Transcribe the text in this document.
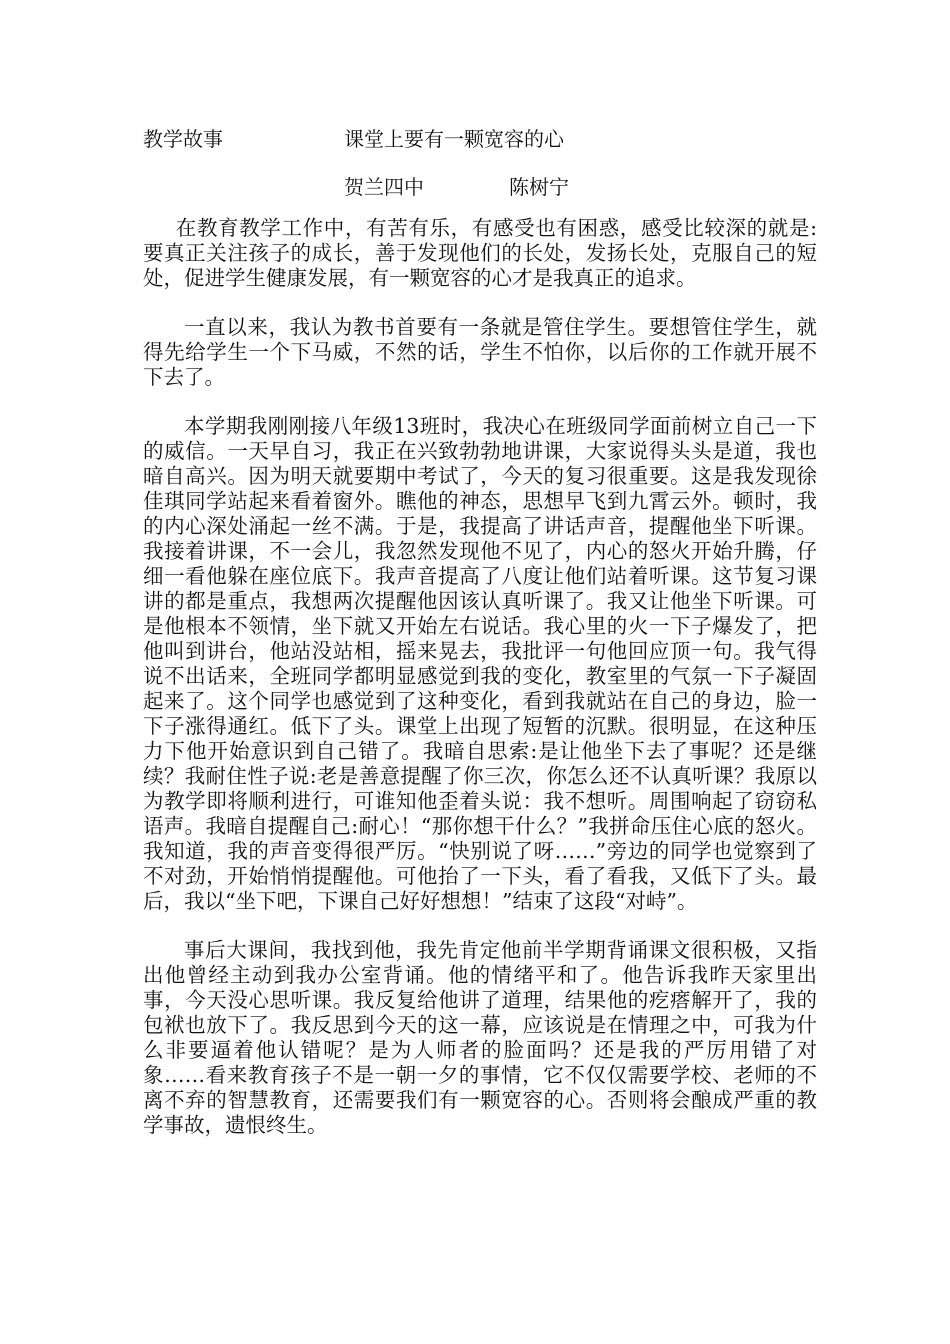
教学故事	课堂上要有一颗宽容的心
贺兰四中	陈树宁

在教育教学工作中，有苦有乐，有感受也有困惑，感受比较深的就是:要真正关注孩子的成长，善于发现他们的长处，发扬长处，克服自己的短处，促进学生健康发展，有一颗宽容的心才是我真正的追求。

一直以来，我认为教书首要有一条就是管住学生。要想管住学生，就得先给学生一个下马威，不然的话，学生不怕你，以后你的工作就开展不下去了。

本学期我刚刚接八年级13班时，我决心在班级同学面前树立自己一下的威信。一天早自习，我正在兴致勃勃地讲课，大家说得头头是道，我也暗自高兴。因为明天就要期中考试了，今天的复习很重要。这是我发现徐佳琪同学站起来看着窗外。瞧他的神态，思想早飞到九霄云外。顿时，我的内心深处涌起一丝不满。于是，我提高了讲话声音，提醒他坐下听课。我接着讲课，不一会儿，我忽然发现他不见了，内心的怒火开始升腾，仔细一看他躲在座位底下。我声音提高了八度让他们站着听课。这节复习课讲的都是重点，我想两次提醒他因该认真听课了。我又让他坐下听课。可是他根本不领情，坐下就又开始左右说话。我心里的火一下子爆发了，把他叫到讲台，他站没站相，摇来晃去，我批评一句他回应顶一句。我气得说不出话来，全班同学都明显感觉到我的变化，教室里的气氛一下子凝固起来了。这个同学也感觉到了这种变化，看到我就站在自己的身边，脸一下子涨得通红。低下了头。课堂上出现了短暂的沉默。很明显，在这种压力下他开始意识到自己错了。我暗自思索:是让他坐下去了事呢？还是继续？我耐住性子说:老是善意提醒了你三次，你怎么还不认真听课？我原以为教学即将顺利进行，可谁知他歪着头说：我不想听。周围响起了窃窃私语声。我暗自提醒自己:耐心！“那你想干什么？”我拼命压住心底的怒火。我知道，我的声音变得很严厉。“快别说了呀……”旁边的同学也觉察到了不对劲，开始悄悄提醒他。可他抬了一下头，看了看我，又低下了头。最后，我以“坐下吧，下课自己好好想想！”结束了这段“对峙”。

事后大课间，我找到他，我先肯定他前半学期背诵课文很积极，又指出他曾经主动到我办公室背诵。他的情绪平和了。他告诉我昨天家里出事，今天没心思听课。我反复给他讲了道理，结果他的疙瘩解开了，我的包袱也放下了。我反思到今天的这一幕，应该说是在情理之中，可我为什么非要逼着他认错呢？是为人师者的脸面吗？还是我的严厉用错了对象……看来教育孩子不是一朝一夕的事情，它不仅仅需要学校、老师的不离不弃的智慧教育，还需要我们有一颗宽容的心。否则将会酿成严重的教学事故，遗恨终生。
